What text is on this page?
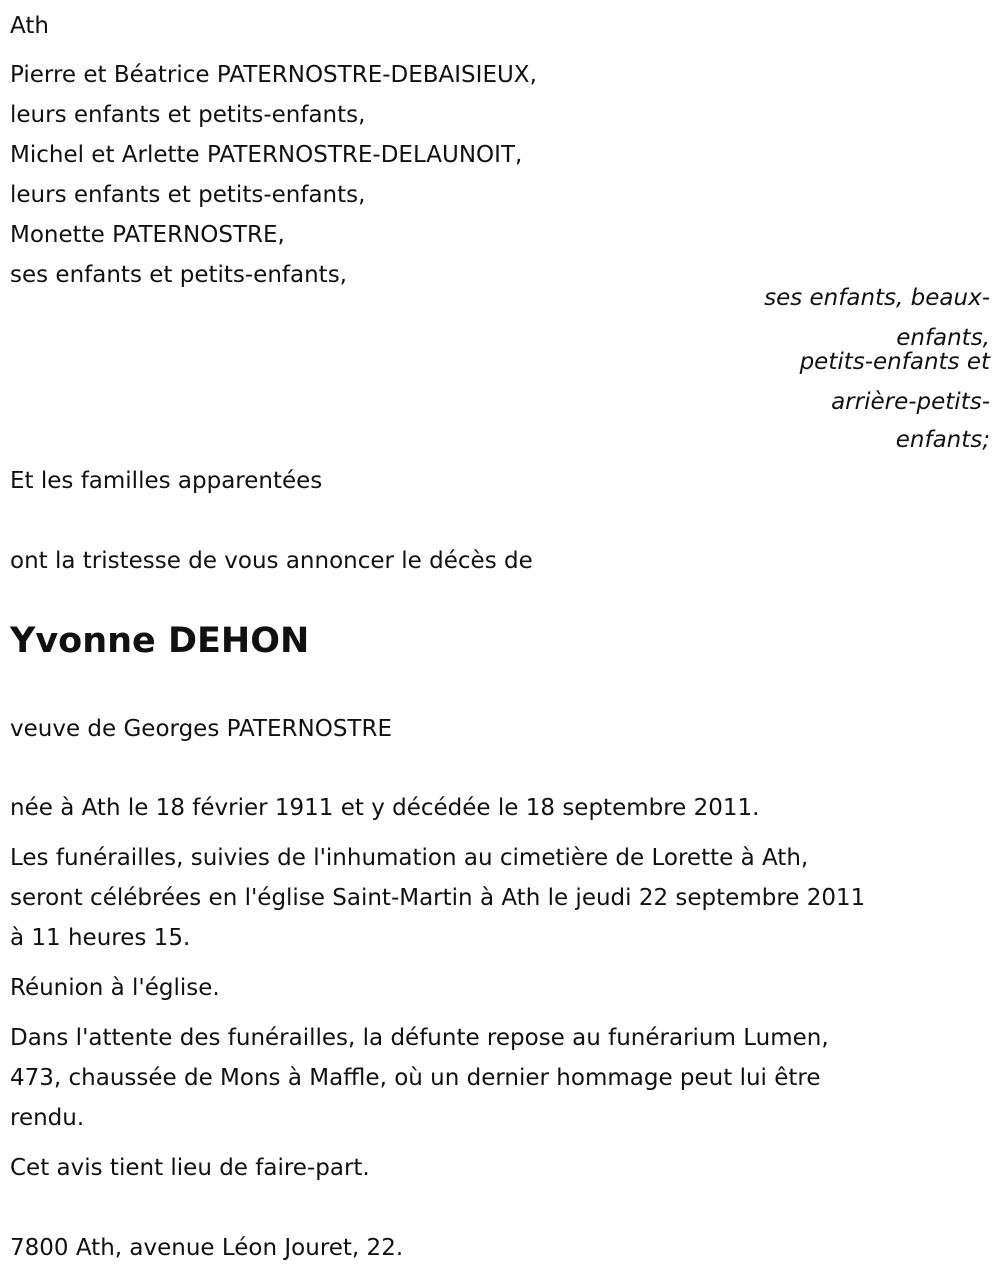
Ath
Pierre et Béatrice PATERNOSTRE-DEBAISIEUX,
leurs enfants et petits-enfants,
Michel et Arlette PATERNOSTRE-DELAUNOIT,
leurs enfants et petits-enfants,
Monette PATERNOSTRE,
ses enfants et petits-enfants,
ses enfants, beaux-
enfants,
petits-enfants et
arrière-petits-
enfants;
Et les familles apparentées
ont la tristesse de vous annoncer le décès de
Yvonne DEHON
veuve de Georges PATERNOSTRE
née à Ath le 18 février 1911 et y décédée le 18 septembre 2011.
Les funérailles, suivies de l'inhumation au cimetière de Lorette à Ath,
seront célébrées en l'église Saint-Martin à Ath le jeudi 22 septembre 2011
à 11 heures 15.
Réunion à l'église.
Dans l'attente des funérailles, la défunte repose au funérarium Lumen,
473, chaussée de Mons à Maffle, où un dernier hommage peut lui être
rendu.
Cet avis tient lieu de faire-part.
7800 Ath, avenue Léon Jouret, 22.
